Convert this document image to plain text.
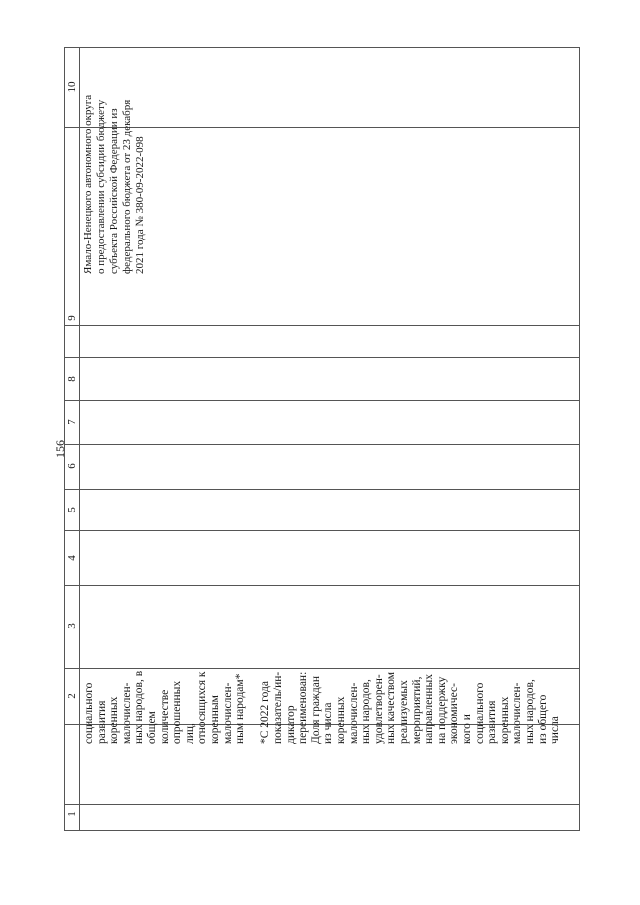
156
10
9
8
7
6
5
4
3
2
1
социального развития коренных малочислен- ных народов, в общем количестве опрошенных лиц, относящихся к коренным малочислен- ным народам* *С 2022 года показатель/ин- дикатор переименован: Доля граждан из числа коренных малочислен- ных народов, удовлетворен- ных качеством реализуемых мероприятий, направленных на поддержку экономичес- кого и социального развития коренных малочислен- ных народов, из общего числа
Ямало-Ненецкого автономного округа о предоставлении субсидии бюджету субъекта Российской Федерации из федерального бюджета от 23 декабря 2021 года № 380-09-2022-098
